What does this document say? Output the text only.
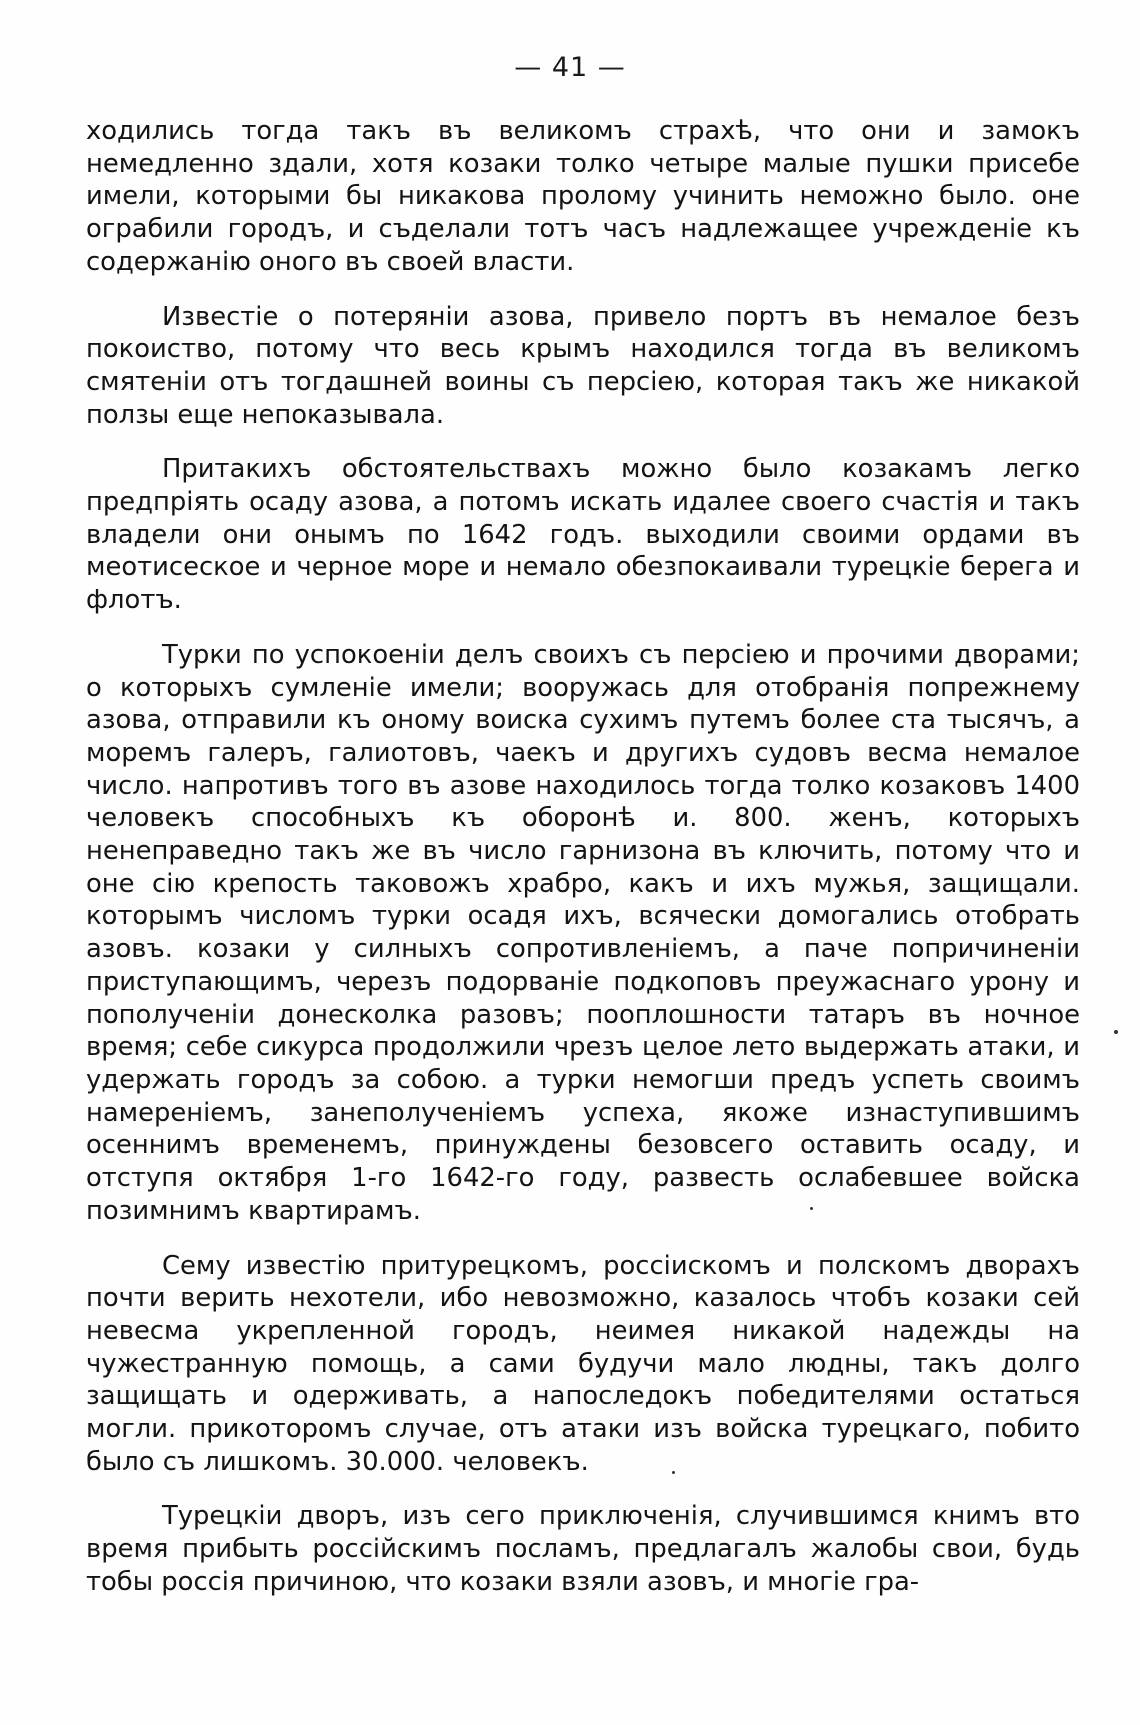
— 41 —

ходились тогда такъ въ великомъ страхѣ, что они и замокъ немедленно здали, хотя козаки толко четыре малые пушки присебе имели, которыми бы никакова пролому учинить неможно было. оне ограбили городъ, и съделали тотъ часъ надлежащее учрежденіе къ содержанію оного въ своей власти.

Известіе о потеряніи азова, привело портъ въ немалое безъ покоиство, потому что весь крымъ находился тогда въ великомъ смятеніи отъ тогдашней воины съ персіею, которая такъ же никакой ползы еще непоказывала.

Притакихъ обстоятельствахъ можно было козакамъ легко предпріять осаду азова, а потомъ искать идалее своего счастія и такъ владели они онымъ по 1642 годъ. выходили своими ордами въ меотисеское и черное море и немало обезпокаивали турецкіе берега и флотъ.

Турки по успокоеніи делъ своихъ съ персіею и прочими дворами; о которыхъ сумленіе имели; вооружась для отобранія попрежнему азова, отправили къ оному воиска сухимъ путемъ более ста тысячъ, а моремъ галеръ, галиотовъ, чаекъ и другихъ судовъ весма немалое число. напротивъ того въ азове находилось тогда толко козаковъ 1400 человекъ способныхъ къ оборонѣ и. 800. женъ, которыхъ ненеправедно такъ же въ число гарнизона въ ключить, потому что и оне сію крепость таковожъ храбро, какъ и ихъ мужья, защищали. которымъ числомъ турки осадя ихъ, всячески домогались отобрать азовъ. козаки у силныхъ сопротивленіемъ, а паче попричиненіи приступающимъ, черезъ подорваніе подкоповъ преужаснаго урону и пополученіи донесколка разовъ; пооплошности татаръ въ ночное время; себе сикурса продолжили чрезъ целое лето выдержать атаки, и удержать городъ за собою. а турки немогши предъ успеть своимъ намереніемъ, занеполученіемъ успеха, якоже изнаступившимъ осеннимъ временемъ, принуждены безовсего оставить осаду, и отступя октября 1-го 1642-го году, развесть ослабевшее войска позимнимъ квартирамъ.

Сему известію притурецкомъ, россіискомъ и полскомъ дворахъ почти верить нехотели, ибо невозможно, казалось чтобъ козаки сей невесма укрепленной городъ, неимея никакой надежды на чужестранную помощь, а сами будучи мало людны, такъ долго защищать и одерживать, а напоследокъ победителями остаться могли. прикоторомъ случае, отъ атаки изъ войска турецкаго, побито было съ лишкомъ. 30.000. человекъ.

Турецкіи дворъ, изъ сего приключенія, случившимся книмъ вто время прибыть россійскимъ посламъ, предлагалъ жалобы свои, будь тобы россія причиною, что козаки взяли азовъ, и многіе гра-
